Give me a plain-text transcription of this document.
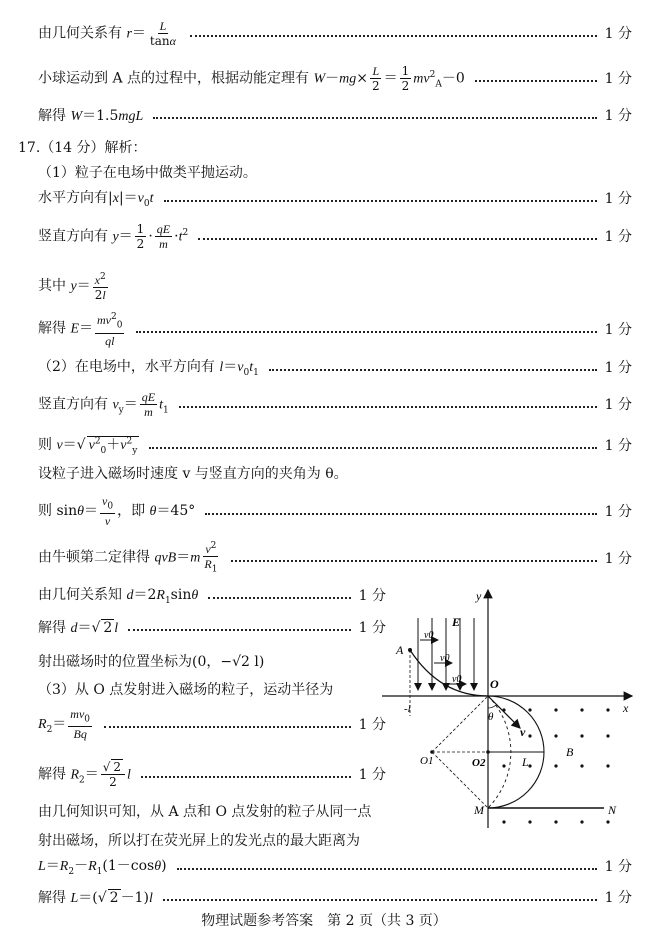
由几何关系有 $r= \frac{L}{\tan\alpha}$	1 分
小球运动到 A 点的过程中，根据动能定理有 $W-mg\times \frac{L}{2} = \frac{1}{2} mv^2_A-0$	1 分
解得 W＝1.5mgL	1 分
17.（14 分）解析：
（1）粒子在电场中做类平抛运动。
水平方向有$|x|=v_0t$	1 分
竖直方向有 $y= \frac{1}{2} \cdot \frac{qE}{m} \cdot t^2$	1 分
其中 $y= \frac{x^2}{2l}$
解得 $E= \frac{mv^2_0}{ql}$	1 分
（2）在电场中，水平方向有 $l=v_0t_1$	1 分
竖直方向有 $v_y= \frac{qE}{m} t_1$	1 分
则 v＝√ $v^2_0+v^2_y$	1 分
设粒子进入磁场时速度 v 与竖直方向的夹角为 θ。
则 $\sin\theta= \frac{v_0}{v}$ ，即 θ＝45°	1 分
由牛顿第二定律得 $qvB=m \frac{v^2}{R_1}$	1 分
由几何关系知 $d=2R_1\sin\theta$	1 分
解得 d＝√ 2 l	1 分
射出磁场时的位置坐标为(0，−√2 l)
（3）从 O 点发射进入磁场的粒子，运动半径为
$R_2= \frac{mv_0}{Bq}$	1 分
解得 $R_2= \frac{√ 2}{2}$ l	1 分
由几何知识可知，从 A 点和 O 点发射的粒子从同一点
射出磁场，所以打在荧光屏上的发光点的最大距离为
$L=R_2-R_1(1-\cos\theta)$	1 分
解得 L＝(√ 2 －1)l	1 分
y
x
O
E
A
-l
v0
v0
v0
v
θ
B
O1	O2	L
M	N
物理试题参考答案　第 2 页（共 3 页）
